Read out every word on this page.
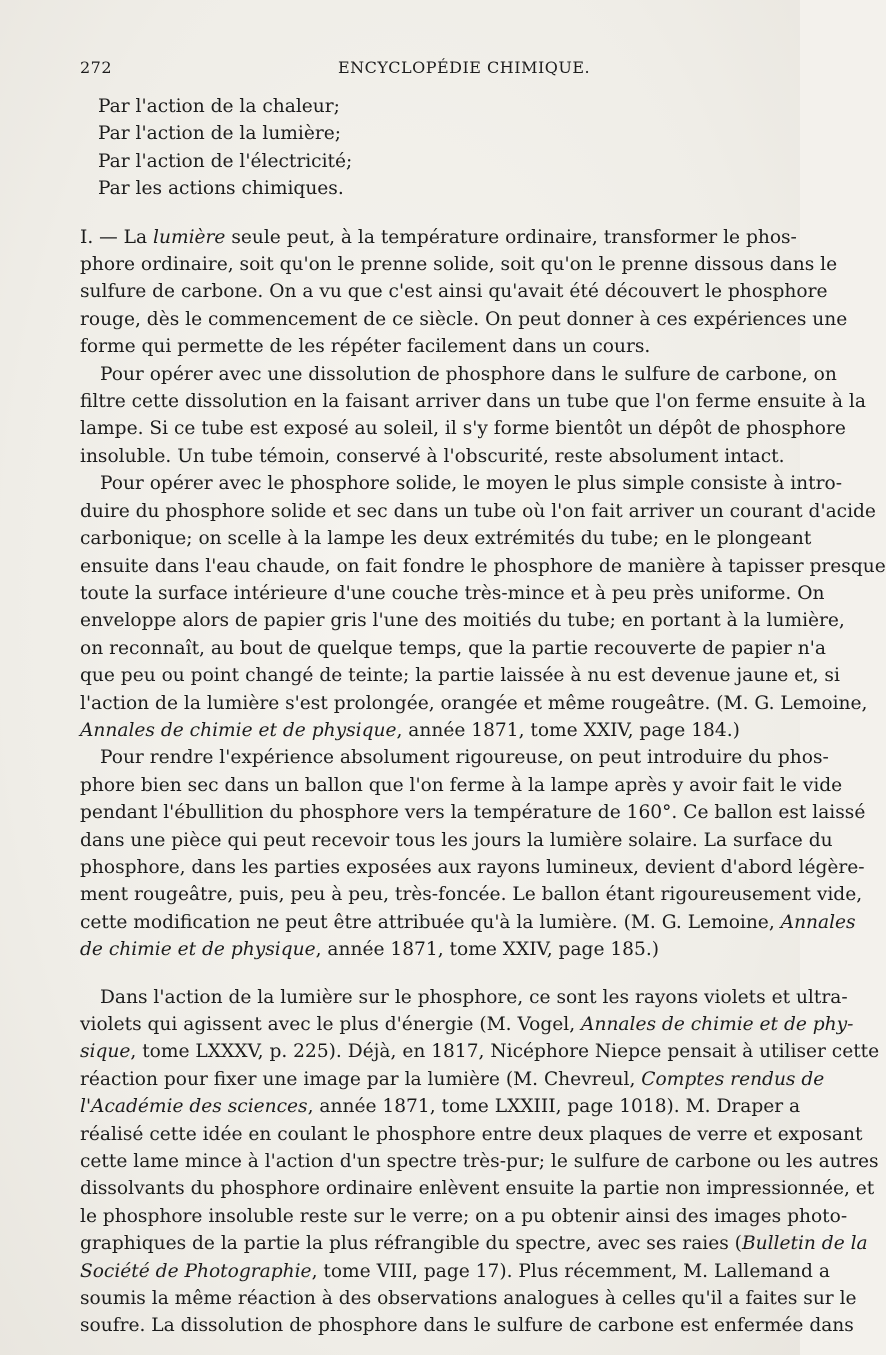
272	ENCYCLOPÉDIE CHIMIQUE.
Par l'action de la chaleur;
Par l'action de la lumière;
Par l'action de l'électricité;
Par les actions chimiques.
I. — La lumière seule peut, à la température ordinaire, transformer le phos-
phore ordinaire, soit qu'on le prenne solide, soit qu'on le prenne dissous dans le
sulfure de carbone. On a vu que c'est ainsi qu'avait été découvert le phosphore
rouge, dès le commencement de ce siècle. On peut donner à ces expériences une
forme qui permette de les répéter facilement dans un cours.
Pour opérer avec une dissolution de phosphore dans le sulfure de carbone, on
filtre cette dissolution en la faisant arriver dans un tube que l'on ferme ensuite à la
lampe. Si ce tube est exposé au soleil, il s'y forme bientôt un dépôt de phosphore
insoluble. Un tube témoin, conservé à l'obscurité, reste absolument intact.
Pour opérer avec le phosphore solide, le moyen le plus simple consiste à intro-
duire du phosphore solide et sec dans un tube où l'on fait arriver un courant d'acide
carbonique; on scelle à la lampe les deux extrémités du tube; en le plongeant
ensuite dans l'eau chaude, on fait fondre le phosphore de manière à tapisser presque
toute la surface intérieure d'une couche très-mince et à peu près uniforme. On
enveloppe alors de papier gris l'une des moitiés du tube; en portant à la lumière,
on reconnaît, au bout de quelque temps, que la partie recouverte de papier n'a
que peu ou point changé de teinte; la partie laissée à nu est devenue jaune et, si
l'action de la lumière s'est prolongée, orangée et même rougeâtre. (M. G. Lemoine,
Annales de chimie et de physique, année 1871, tome XXIV, page 184.)
Pour rendre l'expérience absolument rigoureuse, on peut introduire du phos-
phore bien sec dans un ballon que l'on ferme à la lampe après y avoir fait le vide
pendant l'ébullition du phosphore vers la température de 160°. Ce ballon est laissé
dans une pièce qui peut recevoir tous les jours la lumière solaire. La surface du
phosphore, dans les parties exposées aux rayons lumineux, devient d'abord légère-
ment rougeâtre, puis, peu à peu, très-foncée. Le ballon étant rigoureusement vide,
cette modification ne peut être attribuée qu'à la lumière. (M. G. Lemoine, Annales
de chimie et de physique, année 1871, tome XXIV, page 185.)
Dans l'action de la lumière sur le phosphore, ce sont les rayons violets et ultra-
violets qui agissent avec le plus d'énergie (M. Vogel, Annales de chimie et de phy-
sique, tome LXXXV, p. 225). Déjà, en 1817, Nicéphore Niepce pensait à utiliser cette
réaction pour fixer une image par la lumière (M. Chevreul, Comptes rendus de
l'Académie des sciences, année 1871, tome LXXIII, page 1018). M. Draper a
réalisé cette idée en coulant le phosphore entre deux plaques de verre et exposant
cette lame mince à l'action d'un spectre très-pur; le sulfure de carbone ou les autres
dissolvants du phosphore ordinaire enlèvent ensuite la partie non impressionnée, et
le phosphore insoluble reste sur le verre; on a pu obtenir ainsi des images photo-
graphiques de la partie la plus réfrangible du spectre, avec ses raies (Bulletin de la
Société de Photographie, tome VIII, page 17). Plus récemment, M. Lallemand a
soumis la même réaction à des observations analogues à celles qu'il a faites sur le
soufre. La dissolution de phosphore dans le sulfure de carbone est enfermée dans
